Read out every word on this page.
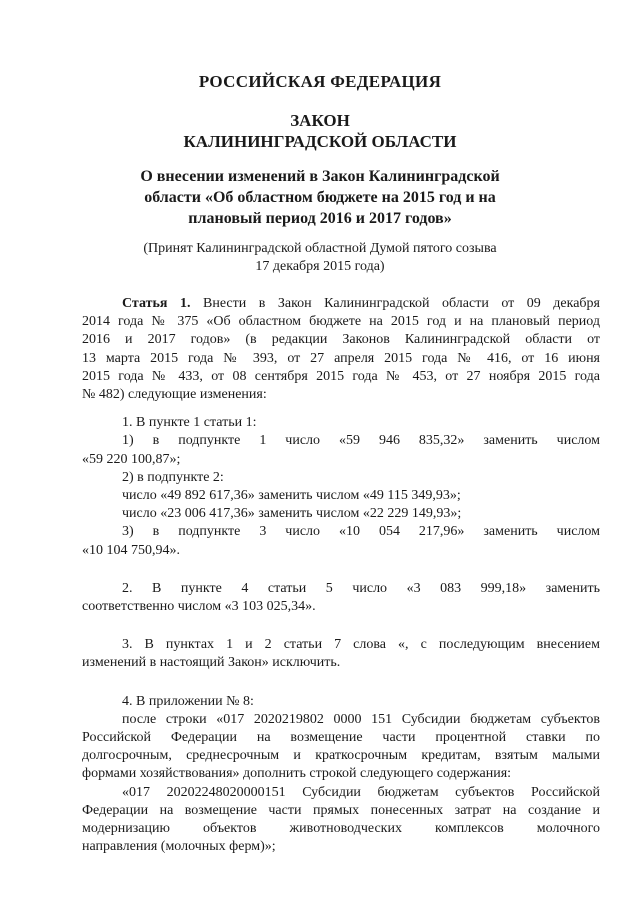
РОССИЙСКАЯ ФЕДЕРАЦИЯ
ЗАКОН
КАЛИНИНГРАДСКОЙ ОБЛАСТИ
О внесении изменений в Закон Калининградской
области «Об областном бюджете на 2015 год и на
плановый период 2016 и 2017 годов»
(Принят Калининградской областной Думой пятого созыва
17 декабря 2015 года)
Статья 1. Внести в Закон Калининградской области от 09 декабря
2014 года № 375 «Об областном бюджете на 2015 год и на плановый период
2016 и 2017 годов» (в редакции Законов Калининградской области от
13 марта 2015 года № 393, от 27 апреля 2015 года № 416, от 16 июня
2015 года № 433, от 08 сентября 2015 года № 453, от 27 ноября 2015 года
№ 482) следующие изменения:
1. В пункте 1 статьи 1:
1) в подпункте 1 число «59 946 835,32» заменить числом
«59 220 100,87»;
2) в подпункте 2:
число «49 892 617,36» заменить числом «49 115 349,93»;
число «23 006 417,36» заменить числом «22 229 149,93»;
3) в подпункте 3 число «10 054 217,96» заменить числом
«10 104 750,94».
2. В пункте 4 статьи 5 число «3 083 999,18» заменить
соответственно числом «3 103 025,34».
3. В пунктах 1 и 2 статьи 7 слова «, с последующим внесением
изменений в настоящий Закон» исключить.
4. В приложении № 8:
после строки «017 2020219802 0000 151 Субсидии бюджетам субъектов
Российской Федерации на возмещение части процентной ставки по
долгосрочным, среднесрочным и краткосрочным кредитам, взятым малыми
формами хозяйствования» дополнить строкой следующего содержания:
«017 20202248020000151 Субсидии бюджетам субъектов Российской
Федерации на возмещение части прямых понесенных затрат на создание и
модернизацию объектов животноводческих комплексов молочного
направления (молочных ферм)»;
